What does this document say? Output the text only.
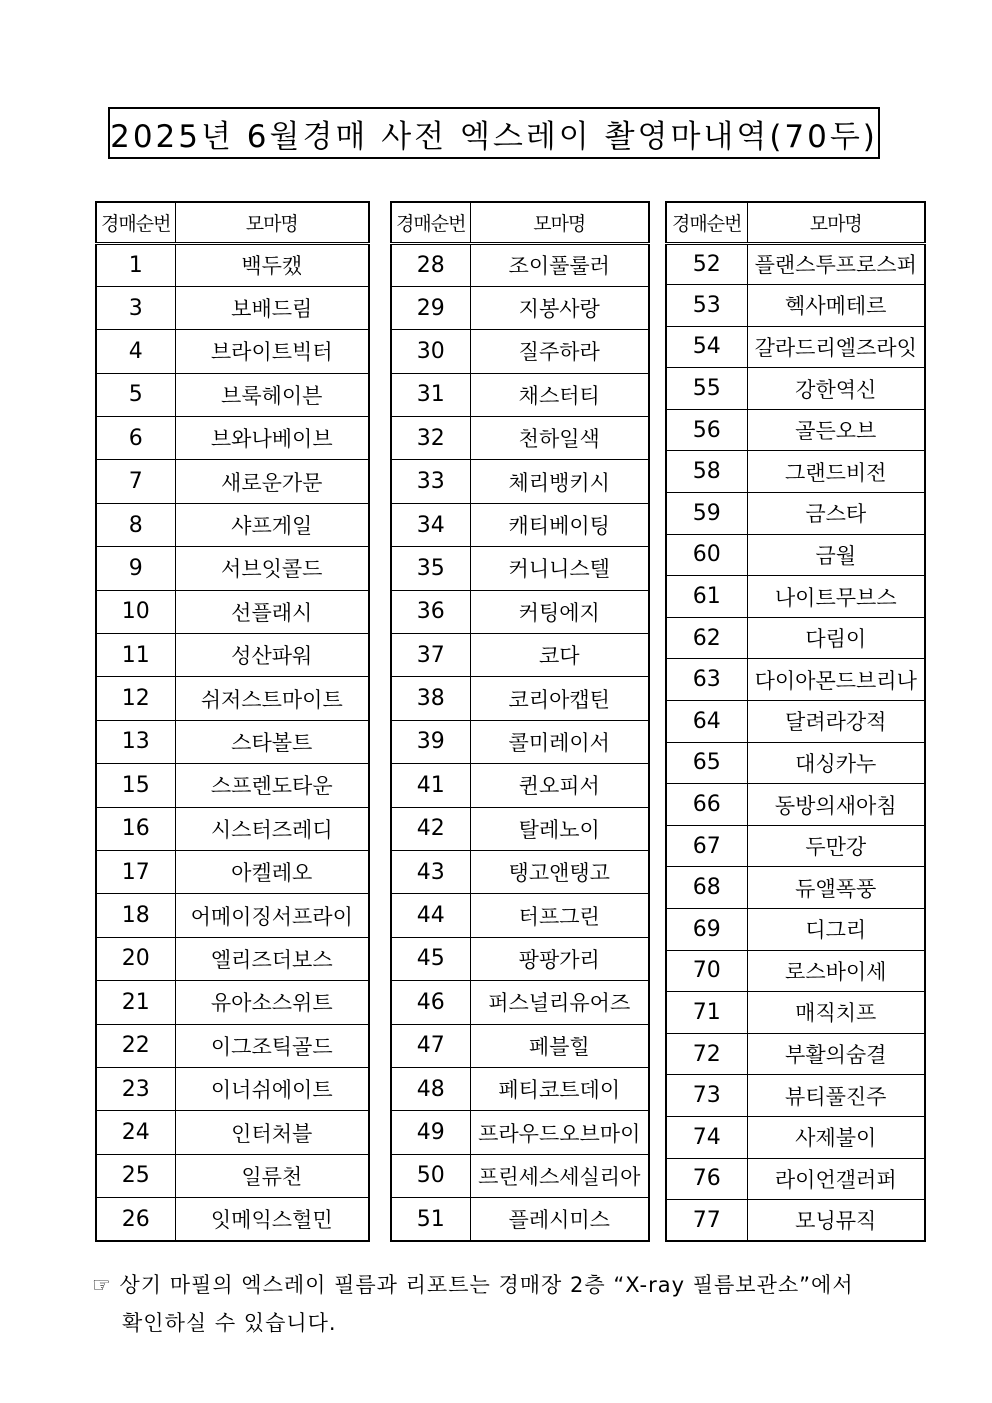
2025년 6월경매 사전 엑스레이 촬영마내역(70두)
경매순번	모마명
1	백두캤
3	보배드림
4	브라이트빅터
5	브룩헤이븐
6	브와나베이브
7	새로운가문
8	샤프게일
9	서브잇콜드
10	선플래시
11	성산파워
12	쉬저스트마이트
13	스타볼트
15	스프렌도타운
16	시스터즈레디
17	아켈레오
18	어메이징서프라이
20	엘리즈더보스
21	유아소스위트
22	이그조틱골드
23	이너쉬에이트
24	인터처블
25	일류천
26	잇메익스헐민
경매순번	모마명
28	조이풀룰러
29	지봉사랑
30	질주하라
31	채스터티
32	천하일색
33	체리뱅키시
34	캐티베이팅
35	커니니스텔
36	커팅에지
37	코다
38	코리아캡틴
39	콜미레이서
41	퀸오피서
42	탈레노이
43	탱고앤탱고
44	터프그린
45	팡팡가리
46	퍼스널리유어즈
47	페블힐
48	페티코트데이
49	프라우드오브마이
50	프린세스세실리아
51	플레시미스
경매순번	모마명
52	플랜스투프로스퍼
53	헥사메테르
54	갈라드리엘즈라잇
55	강한역신
56	골든오브
58	그랜드비전
59	금스타
60	금월
61	나이트무브스
62	다림이
63	다이아몬드브리나
64	달려라강적
65	대싱카누
66	동방의새아침
67	두만강
68	듀앨폭풍
69	디그리
70	로스바이세
71	매직치프
72	부활의숨결
73	뷰티풀진주
74	사제불이
76	라이언갤러퍼
77	모닝뮤직
☞ 상기 마필의 엑스레이 필름과 리포트는 경매장 2층 “X-ray 필름보관소”에서
확인하실 수 있습니다.
